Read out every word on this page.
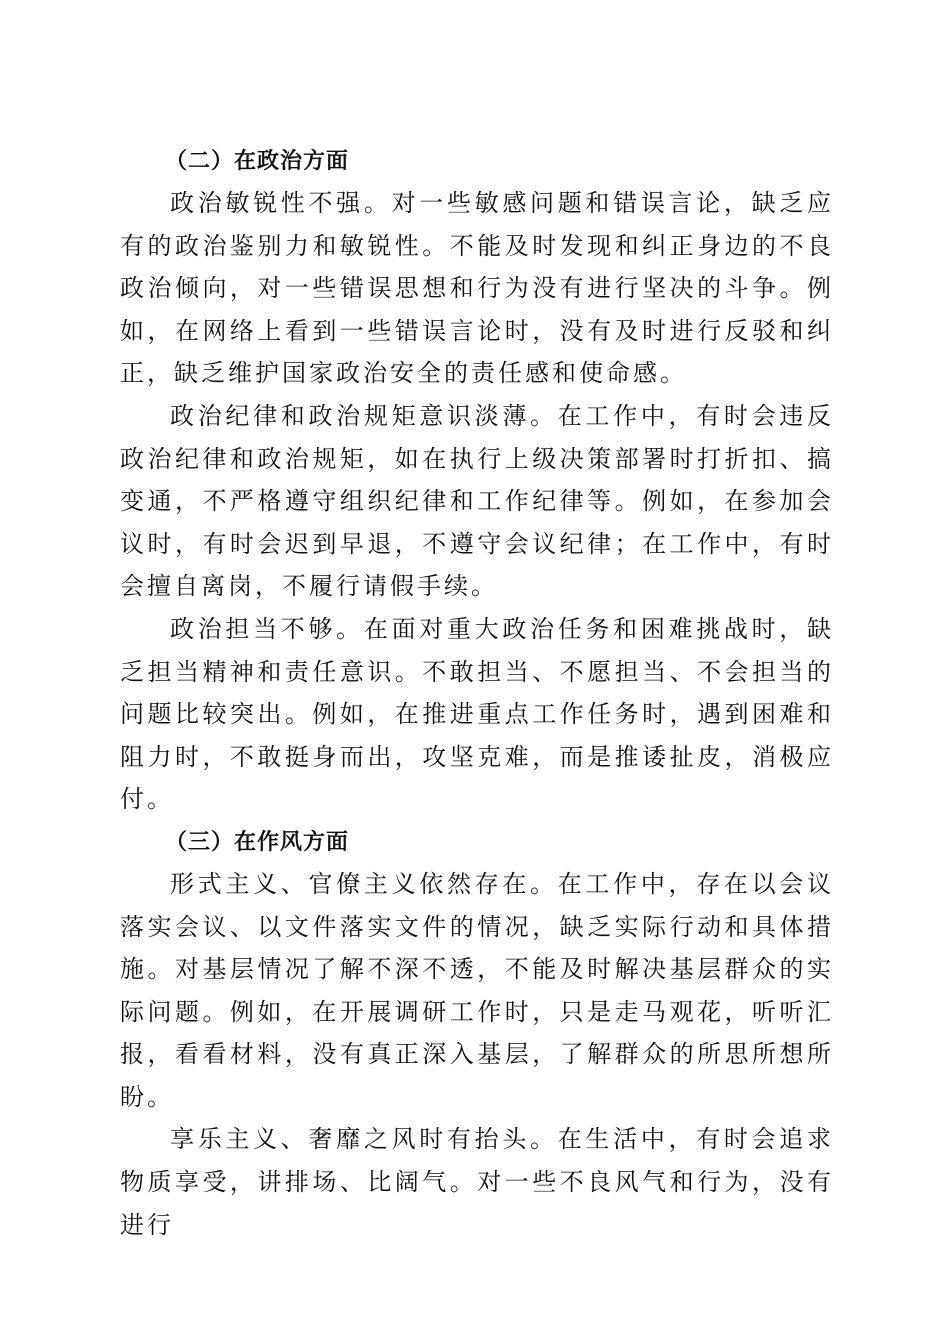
（二）在政治方面

政治敏锐性不强。对一些敏感问题和错误言论，缺乏应有的政治鉴别力和敏锐性。不能及时发现和纠正身边的不良政治倾向，对一些错误思想和行为没有进行坚决的斗争。例如，在网络上看到一些错误言论时，没有及时进行反驳和纠正，缺乏维护国家政治安全的责任感和使命感。

政治纪律和政治规矩意识淡薄。在工作中，有时会违反政治纪律和政治规矩，如在执行上级决策部署时打折扣、搞变通，不严格遵守组织纪律和工作纪律等。例如，在参加会议时，有时会迟到早退，不遵守会议纪律；在工作中，有时会擅自离岗，不履行请假手续。

政治担当不够。在面对重大政治任务和困难挑战时，缺乏担当精神和责任意识。不敢担当、不愿担当、不会担当的问题比较突出。例如，在推进重点工作任务时，遇到困难和阻力时，不敢挺身而出，攻坚克难，而是推诿扯皮，消极应付。

（三）在作风方面

形式主义、官僚主义依然存在。在工作中，存在以会议落实会议、以文件落实文件的情况，缺乏实际行动和具体措施。对基层情况了解不深不透，不能及时解决基层群众的实际问题。例如，在开展调研工作时，只是走马观花，听听汇报，看看材料，没有真正深入基层，了解群众的所思所想所盼。

享乐主义、奢靡之风时有抬头。在生活中，有时会追求物质享受，讲排场、比阔气。对一些不良风气和行为，没有进行
